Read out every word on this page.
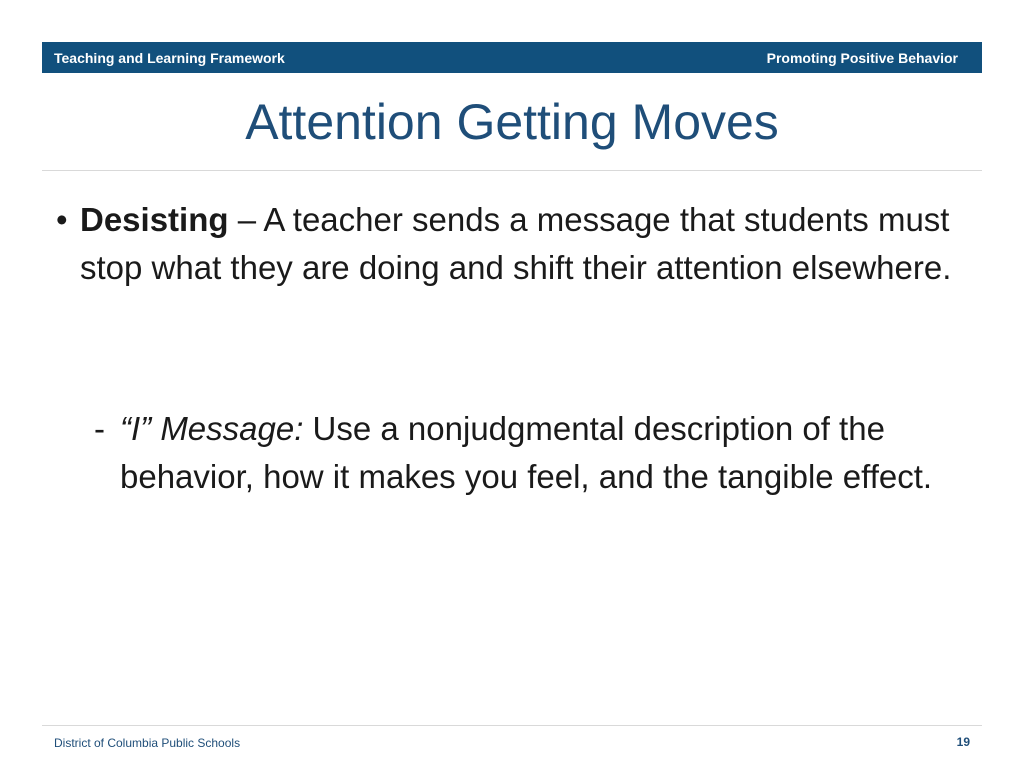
Teaching and Learning Framework	Promoting Positive Behavior
Attention Getting Moves
• Desisting – A teacher sends a message that students must stop what they are doing and shift their attention elsewhere.
- “I” Message: Use a nonjudgmental description of the behavior, how it makes you feel, and the tangible effect.
District of Columbia Public Schools	19
